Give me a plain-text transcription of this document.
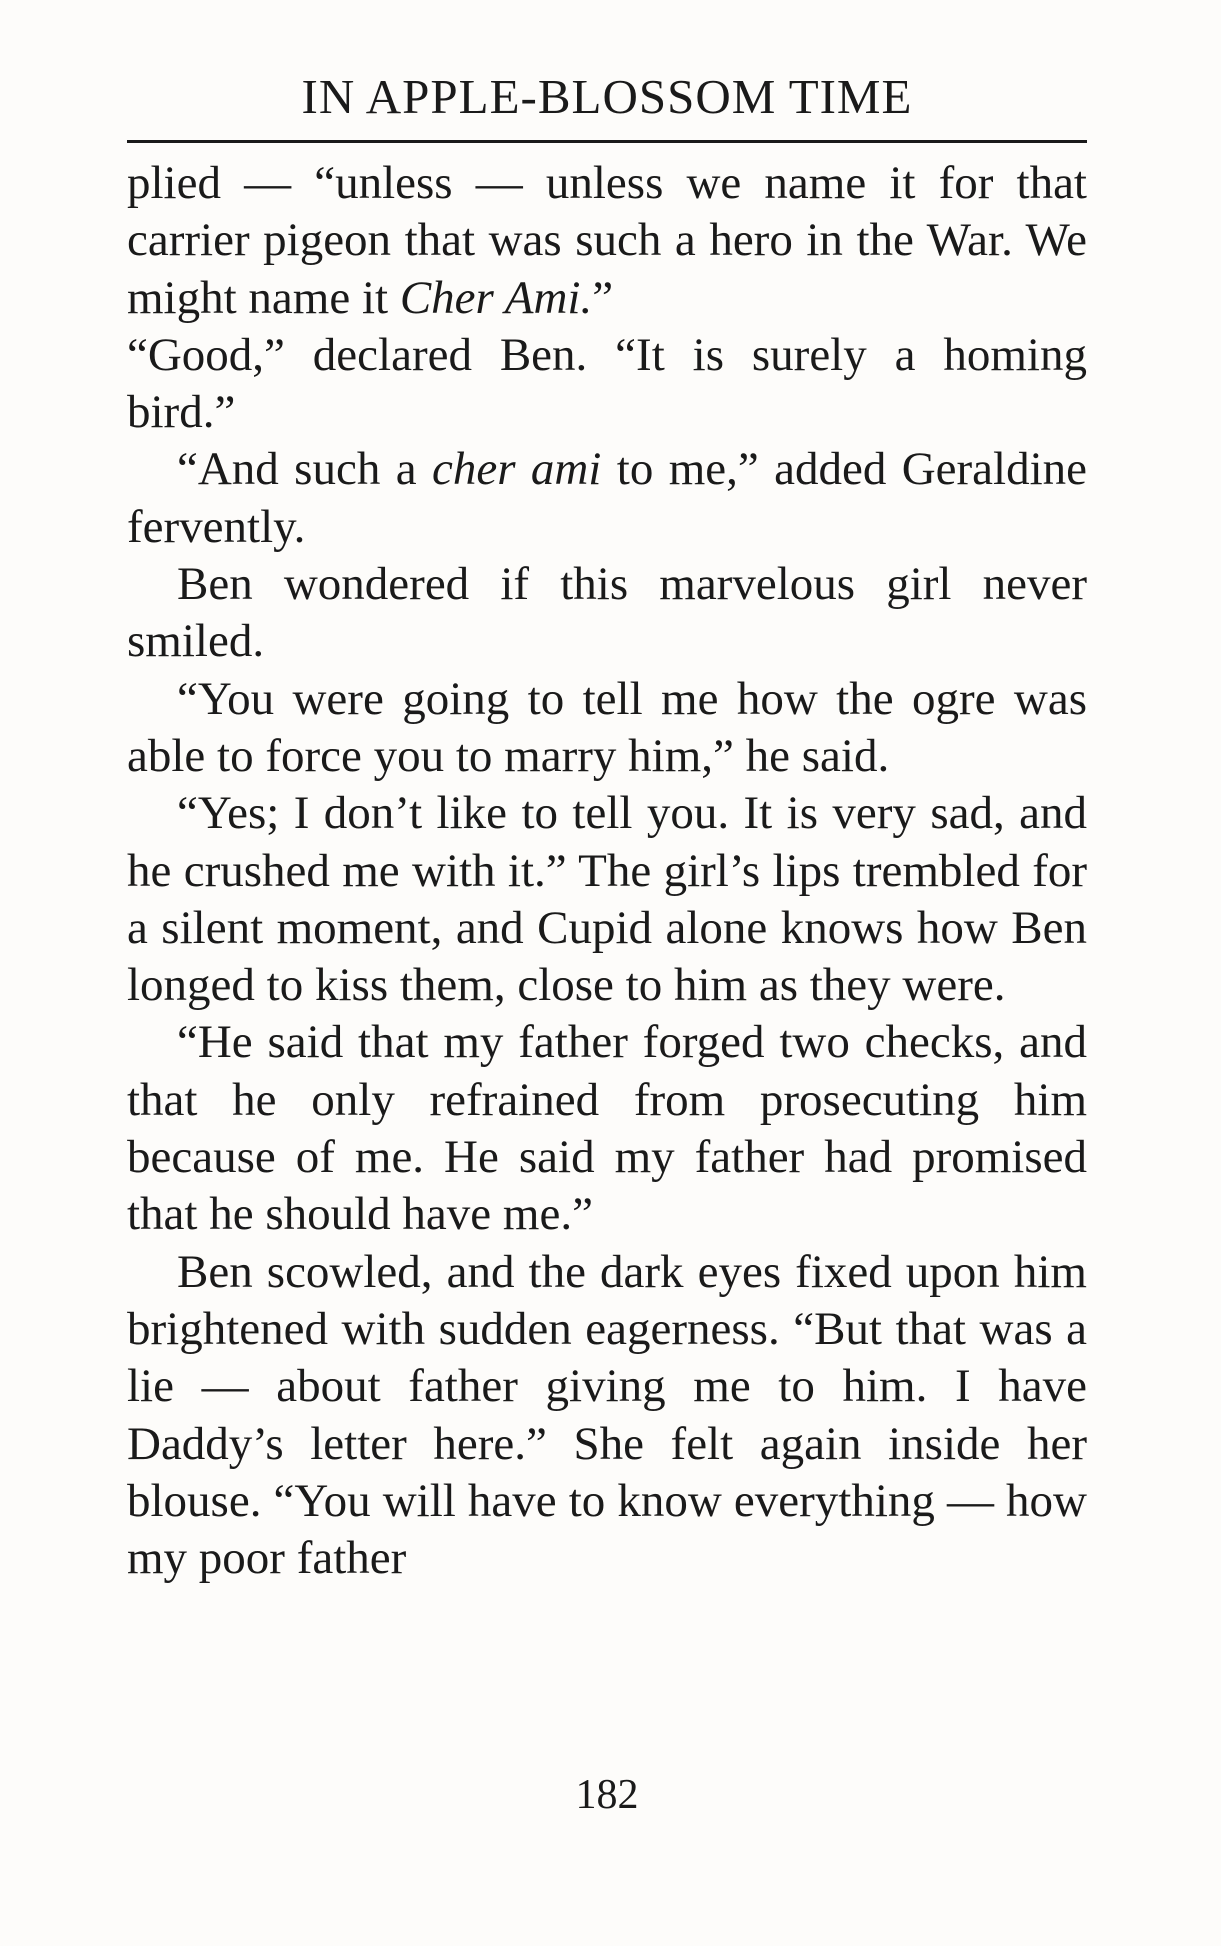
IN APPLE-BLOSSOM TIME

plied — “unless — unless we name it for that carrier pigeon that was such a hero in the War. We might name it Cher Ami.”

“Good,” declared Ben. “It is surely a homing bird.”

“And such a cher ami to me,” added Geraldine fervently.

Ben wondered if this marvelous girl never smiled.

“You were going to tell me how the ogre was able to force you to marry him,” he said.

“Yes; I don’t like to tell you. It is very sad, and he crushed me with it.” The girl’s lips trembled for a silent moment, and Cupid alone knows how Ben longed to kiss them, close to him as they were.

“He said that my father forged two checks, and that he only refrained from prosecuting him because of me. He said my father had promised that he should have me.”

Ben scowled, and the dark eyes fixed upon him brightened with sudden eagerness. “But that was a lie — about father giving me to him. I have Daddy’s letter here.” She felt again inside her blouse. “You will have to know everything — how my poor father

182
